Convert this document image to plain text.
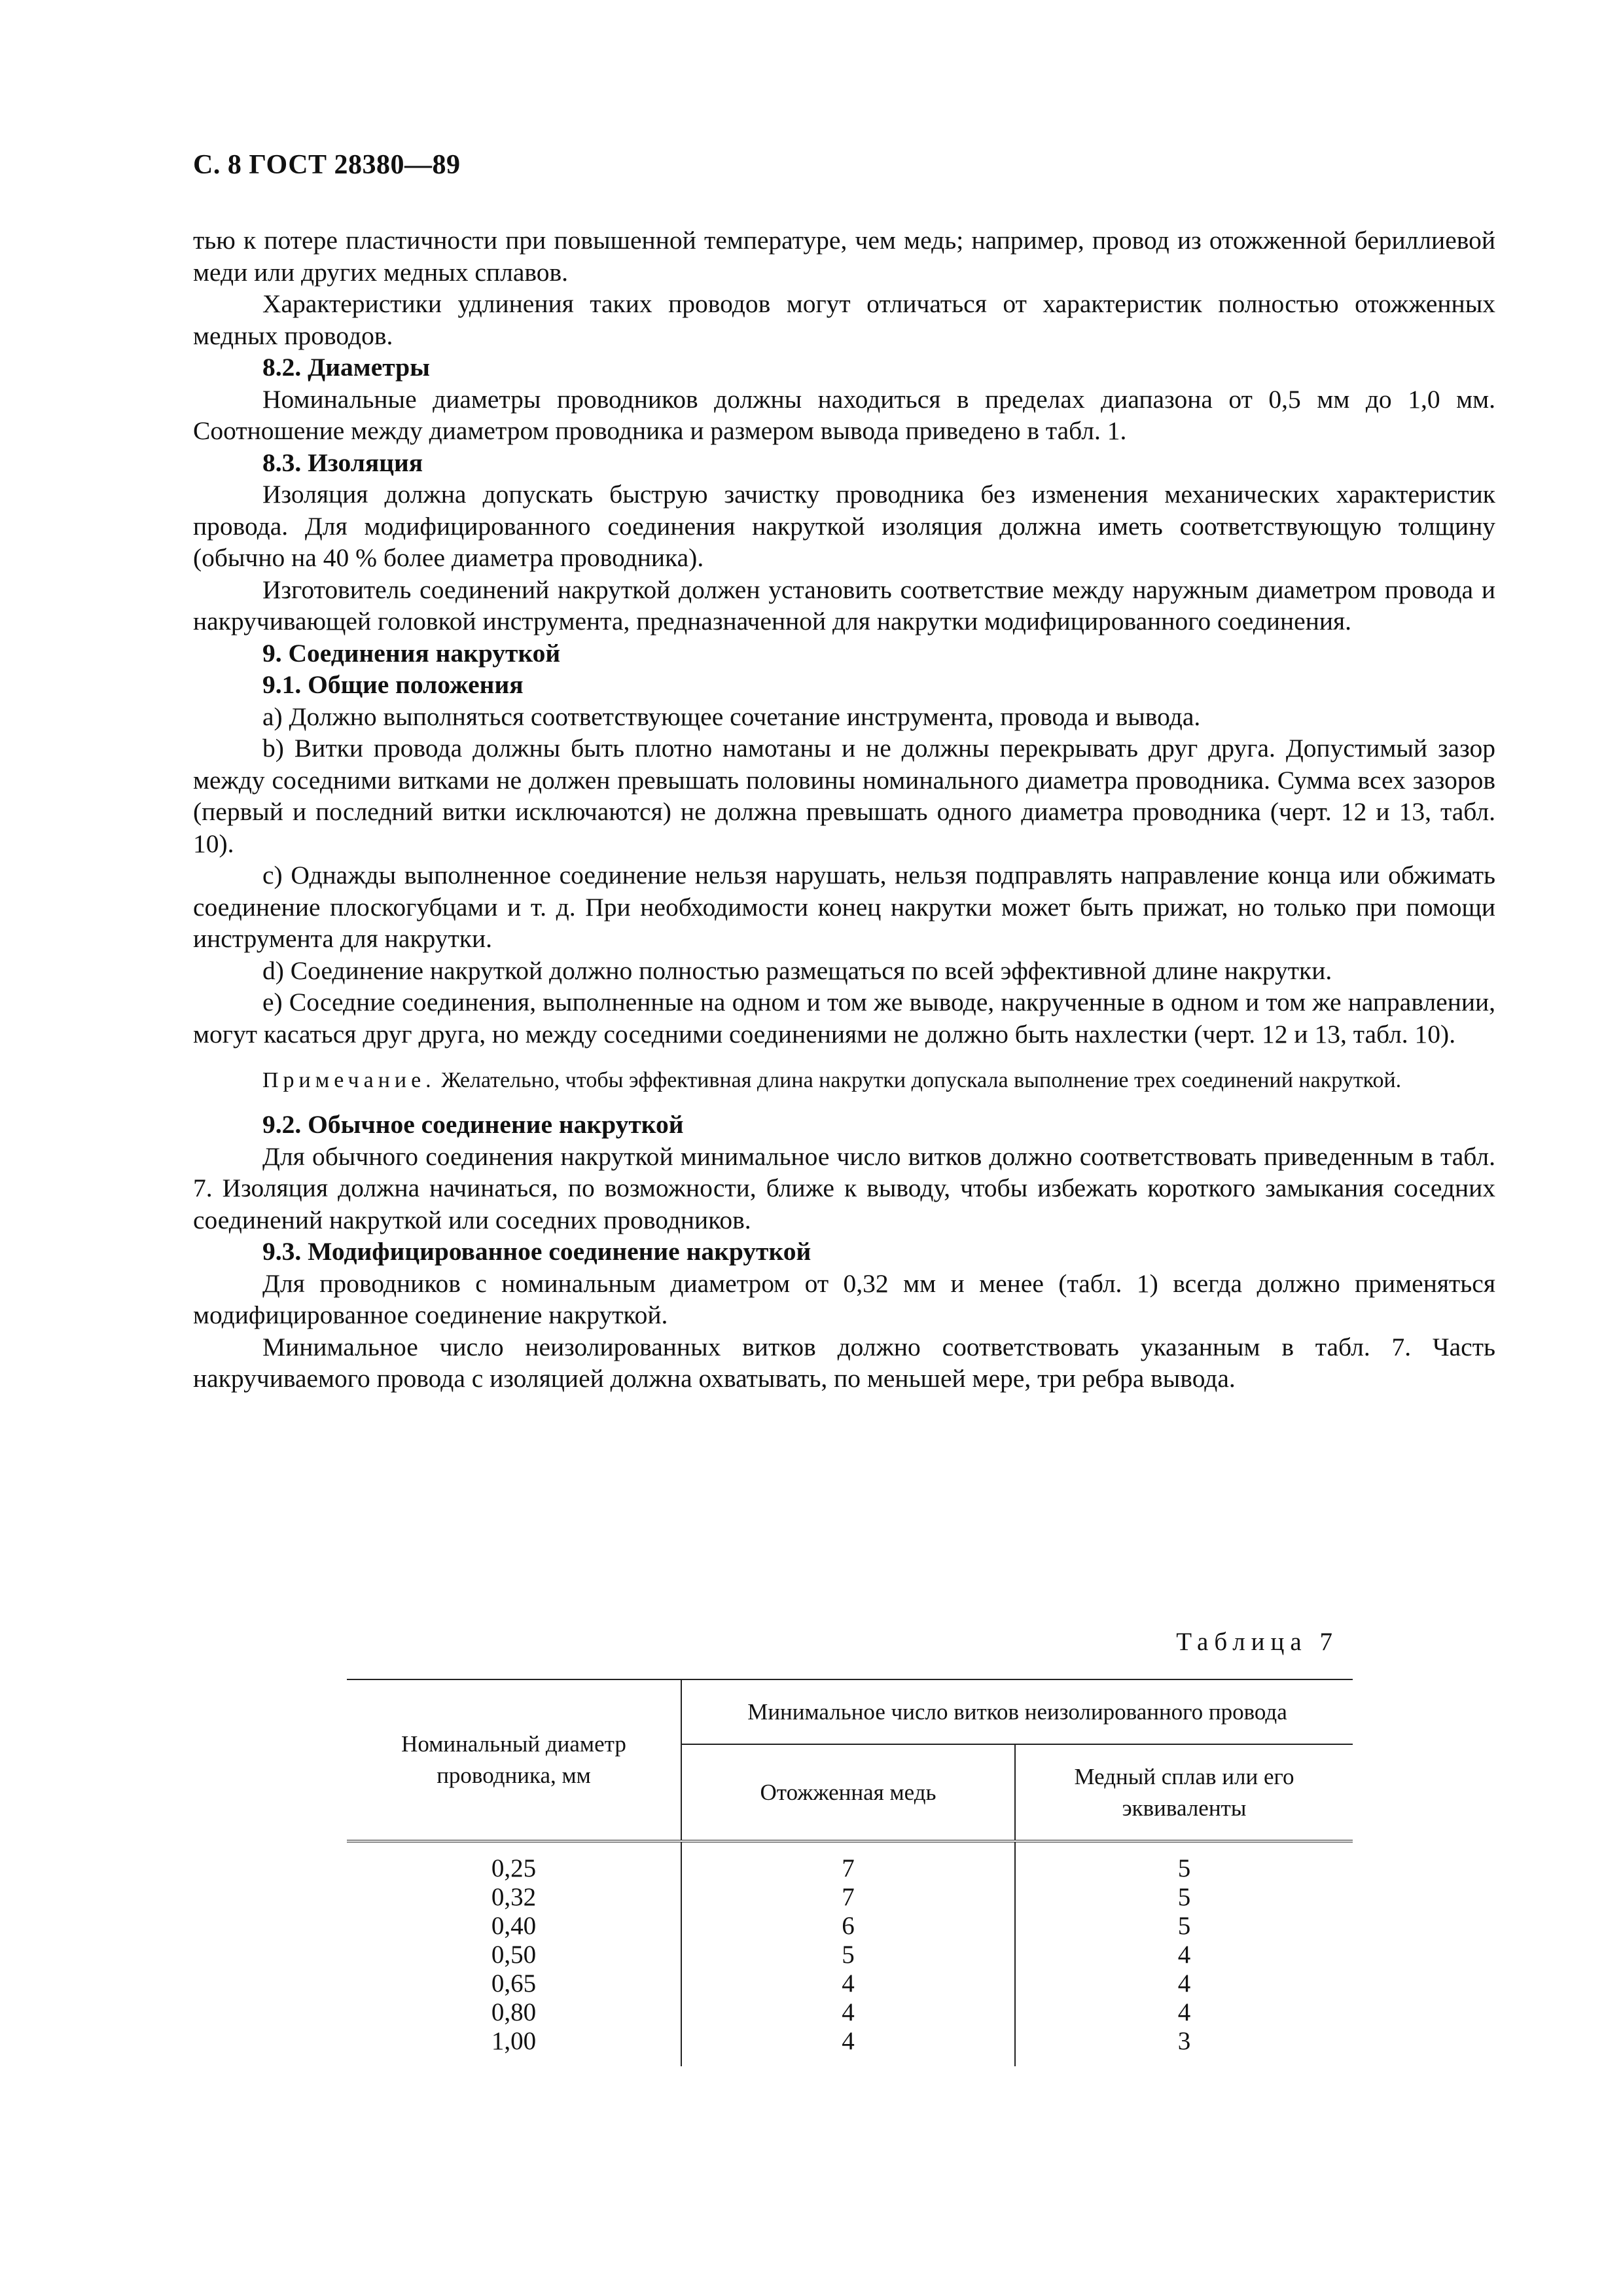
С. 8 ГОСТ 28380—89

тью к потере пластичности при повышенной температуре, чем медь; например, провод из отожженной бериллиевой меди или других медных сплавов.

Характеристики удлинения таких проводов могут отличаться от характеристик полностью отожженных медных проводов.

8.2. Диаметры

Номинальные диаметры проводников должны находиться в пределах диапазона от 0,5 мм до 1,0 мм. Соотношение между диаметром проводника и размером вывода приведено в табл. 1.

8.3. Изоляция

Изоляция должна допускать быструю зачистку проводника без изменения механических характеристик провода. Для модифицированного соединения накруткой изоляция должна иметь соответствующую толщину (обычно на 40 % более диаметра проводника).

Изготовитель соединений накруткой должен установить соответствие между наружным диаметром провода и накручивающей головкой инструмента, предназначенной для накрутки модифицированного соединения.

9. Соединения накруткой
9.1. Общие положения

а) Должно выполняться соответствующее сочетание инструмента, провода и вывода.

b) Витки провода должны быть плотно намотаны и не должны перекрывать друг друга. Допустимый зазор между соседними витками не должен превышать половины номинального диаметра проводника. Сумма всех зазоров (первый и последний витки исключаются) не должна превышать одного диаметра проводника (черт. 12 и 13, табл. 10).

с) Однажды выполненное соединение нельзя нарушать, нельзя подправлять направление конца или обжимать соединение плоскогубцами и т. д. При необходимости конец накрутки может быть прижат, но только при помощи инструмента для накрутки.

d) Соединение накруткой должно полностью размещаться по всей эффективной длине накрутки.

е) Соседние соединения, выполненные на одном и том же выводе, накрученные в одном и том же направлении, могут касаться друг друга, но между соседними соединениями не должно быть нахлестки (черт. 12 и 13, табл. 10).

Примечание. Желательно, чтобы эффективная длина накрутки допускала выполнение трех соединений накруткой.

9.2. Обычное соединение накруткой

Для обычного соединения накруткой минимальное число витков должно соответствовать приведенным в табл. 7. Изоляция должна начинаться, по возможности, ближе к выводу, чтобы избежать короткого замыкания соседних соединений накруткой или соседних проводников.

9.3. Модифицированное соединение накруткой

Для проводников с номинальным диаметром от 0,32 мм и менее (табл. 1) всегда должно применяться модифицированное соединение накруткой.

Минимальное число неизолированных витков должно соответствовать указанным в табл. 7. Часть накручиваемого провода с изоляцией должна охватывать, по меньшей мере, три ребра вывода.

Таблица 7
Номинальный диаметр проводника, мм	Минимальное число витков неизолированного провода	
	Отожженная медь	Медный сплав или его эквиваленты
0,25	7	5
0,32	7	5
0,40	6	5
0,50	5	4
0,65	4	4
0,80	4	4
1,00	4	3
